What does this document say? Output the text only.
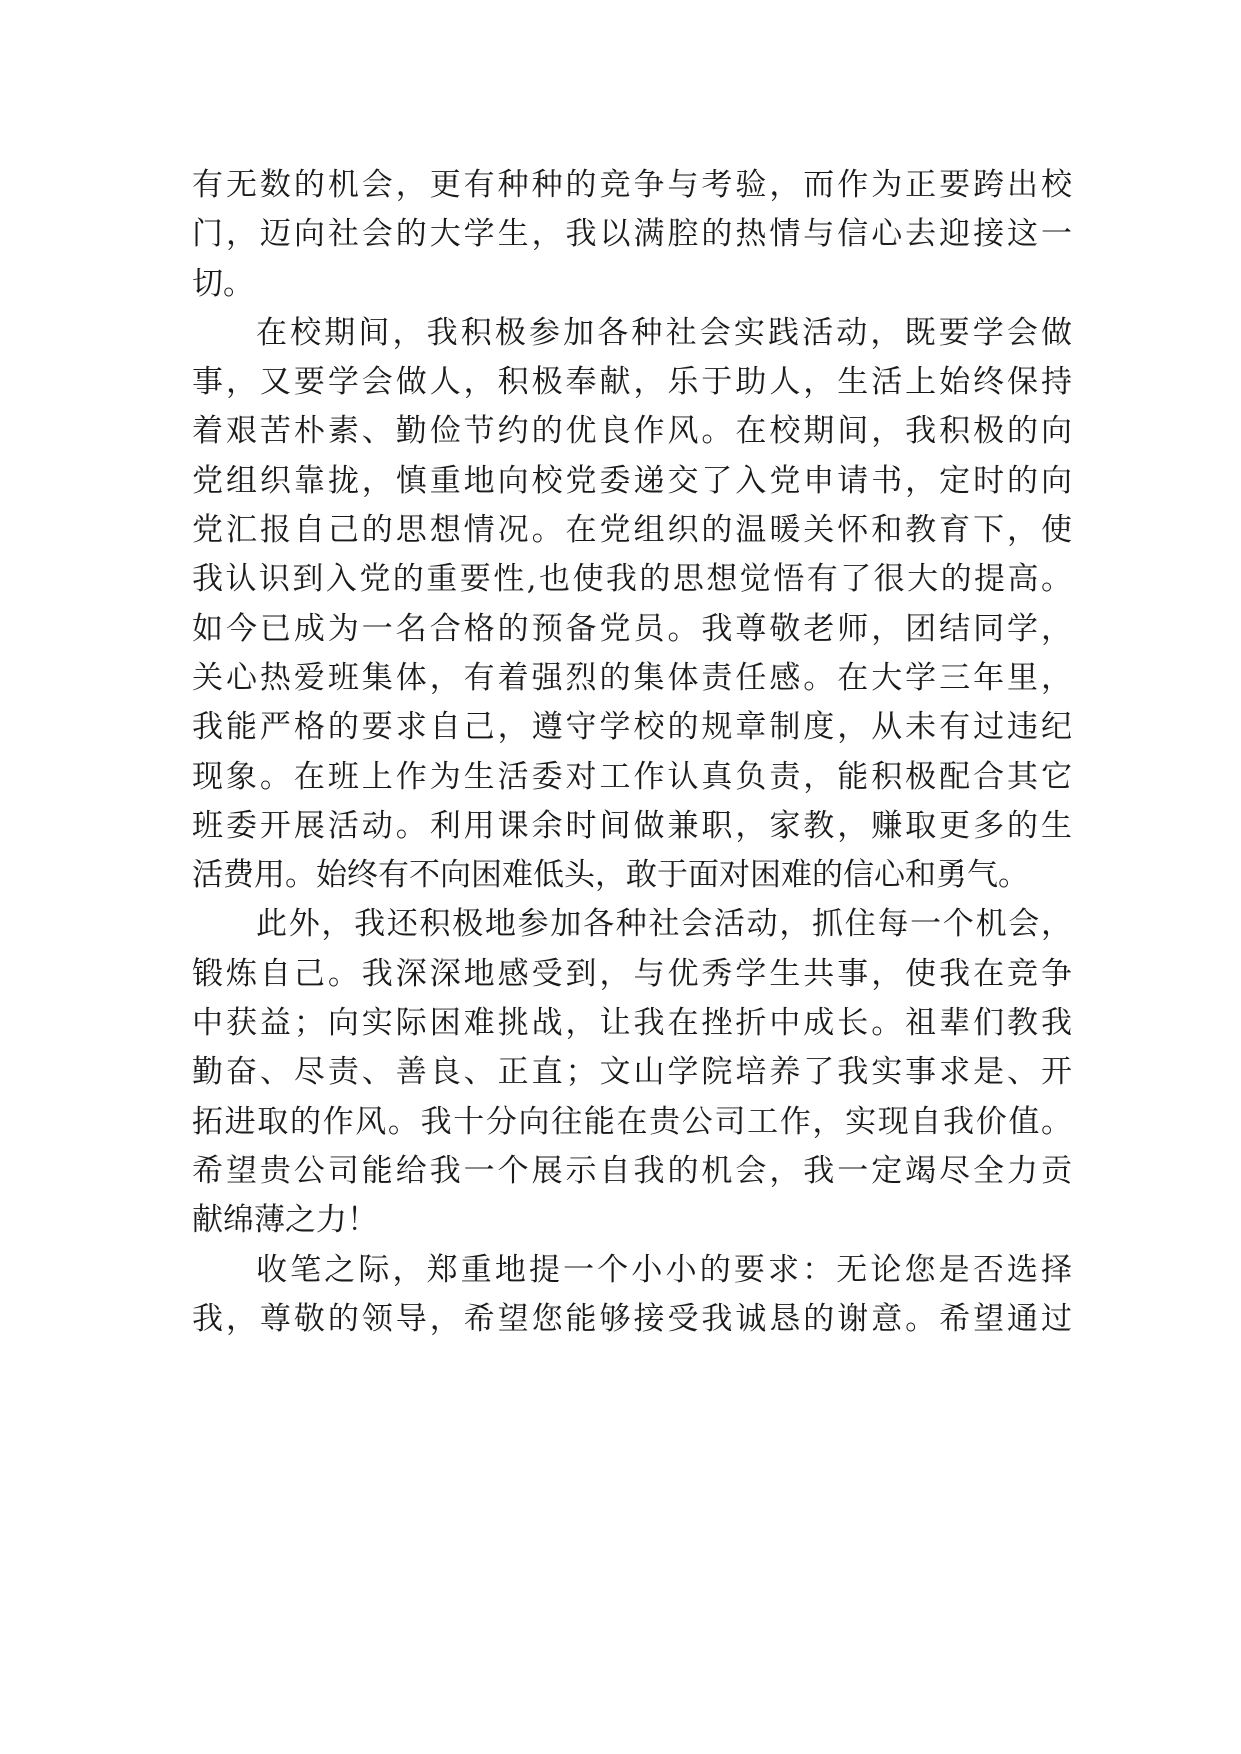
有无数的机会，更有种种的竞争与考验，而作为正要跨出校
门，迈向社会的大学生，我以满腔的热情与信心去迎接这一
切。
在校期间，我积极参加各种社会实践活动，既要学会做
事，又要学会做人，积极奉献，乐于助人，生活上始终保持
着艰苦朴素、勤俭节约的优良作风。在校期间，我积极的向
党组织靠拢，慎重地向校党委递交了入党申请书，定时的向
党汇报自己的思想情况。在党组织的温暖关怀和教育下，使
我认识到入党的重要性,也使我的思想觉悟有了很大的提高。
如今已成为一名合格的预备党员。我尊敬老师，团结同学，
关心热爱班集体，有着强烈的集体责任感。在大学三年里，
我能严格的要求自己，遵守学校的规章制度，从未有过违纪
现象。在班上作为生活委对工作认真负责，能积极配合其它
班委开展活动。利用课余时间做兼职，家教，赚取更多的生
活费用。始终有不向困难低头，敢于面对困难的信心和勇气。
此外，我还积极地参加各种社会活动，抓住每一个机会，
锻炼自己。我深深地感受到，与优秀学生共事，使我在竞争
中获益；向实际困难挑战，让我在挫折中成长。祖辈们教我
勤奋、尽责、善良、正直；文山学院培养了我实事求是、开
拓进取的作风。我十分向往能在贵公司工作，实现自我价值。
希望贵公司能给我一个展示自我的机会，我一定竭尽全力贡
献绵薄之力！
收笔之际，郑重地提一个小小的要求：无论您是否选择
我，尊敬的领导，希望您能够接受我诚恳的谢意。希望通过
